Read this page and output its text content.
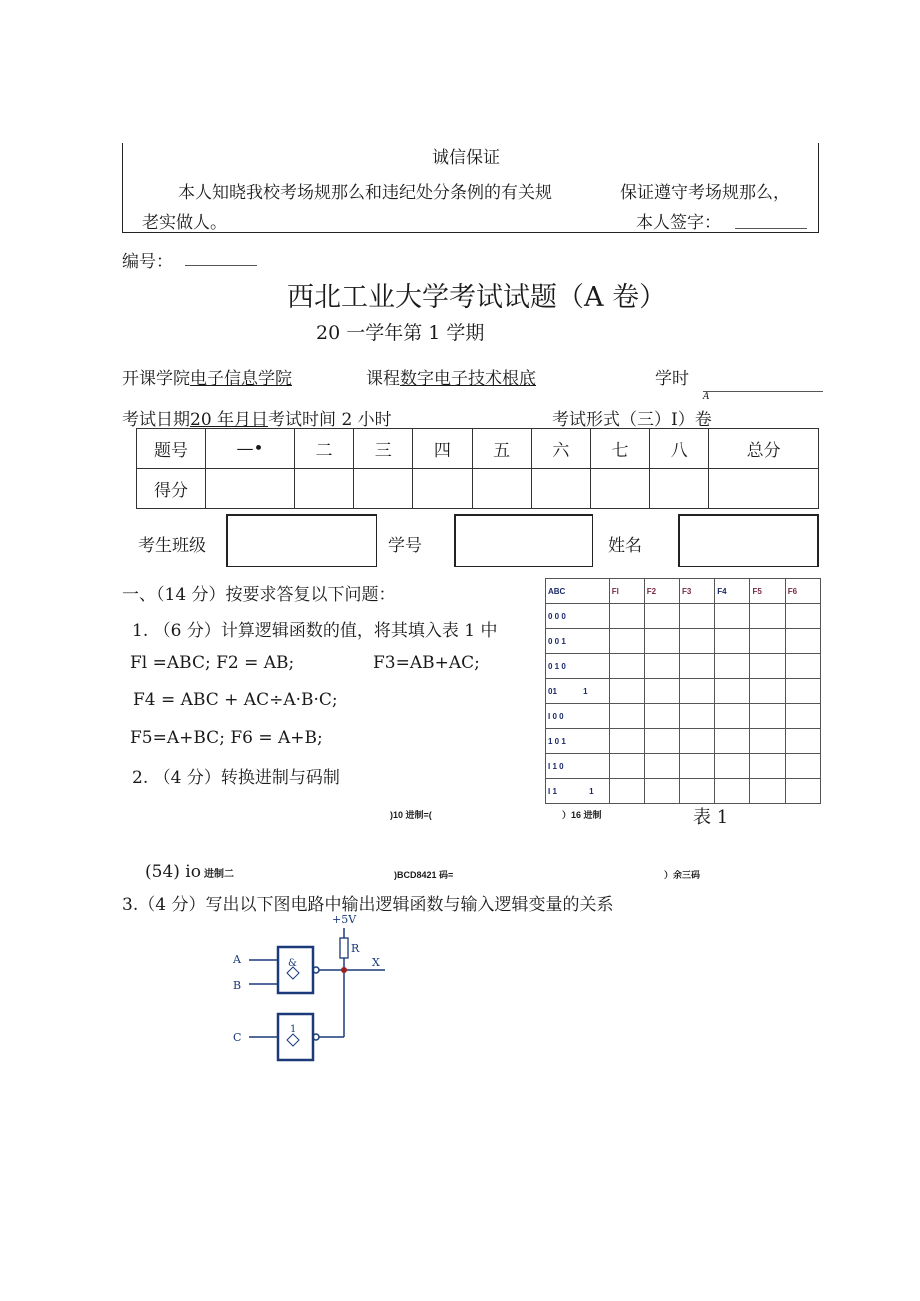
诚信保证
本人知晓我校考场规那么和违纪处分条例的有关规	保证遵守考场规那么，
老实做人。	本人签字：
编号：
西北工业大学考试试题（A 卷）
20 一学年第 1 学期
开课学院电子信息学院	课程数字电子技术根底	学时
A
考试日期20 年月日考试时间 2 小时	考试形式（三）I）卷
题号	—•	二	三	四	五	六	七	八	总分
得分									
考生班级	学号	姓名
一、（14 分）按要求答复以下问题：
1. （6 分）计算逻辑函数的值，将其填入表 1 中
Fl =ABC; F2 = AB;	F3=AB+AC;
F4 = ABC + AC÷A·B·C;
F5=A+BC; F6 = A+B;
2. （4 分）转换进制与码制
ABC	Fl	F2	F3	F4	F5	F6
0 0 0						
0 0 1						
0 1 0						
01 1						
I 0 0						
1 0 1						
I 1 0						
I 1 1						
)10 进制=(	）16 进制	表 1
(54) io 进制二	)BCD8421 码=	）余三码
3.（4 分）写出以下图电路中输出逻辑函数与输入逻辑变量的关系
+5V
R
X
A
B
C
&
1
